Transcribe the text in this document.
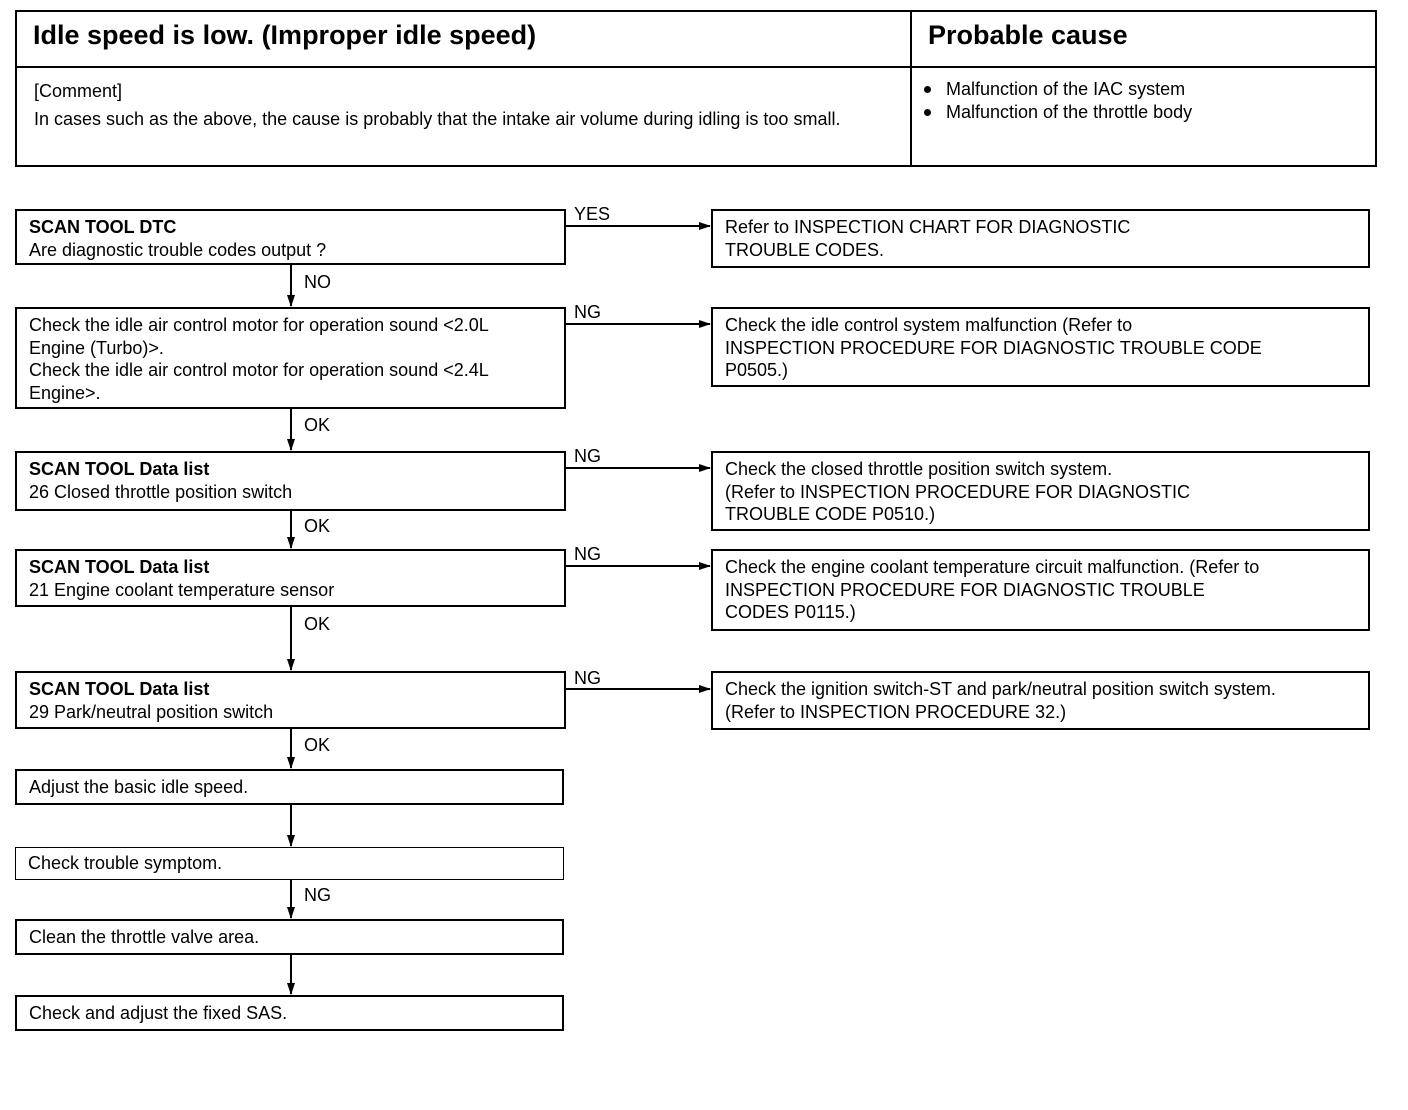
Idle speed is low. (Improper idle speed)	Probable cause
[Comment]
In cases such as the above, the cause is probably that the intake air volume during idling is too small.
Malfunction of the IAC system
Malfunction of the throttle body
SCAN TOOL DTC
Are diagnostic trouble codes output ?
Check the idle air control motor for operation sound <2.0L
Engine (Turbo)>.
Check the idle air control motor for operation sound <2.4L
Engine>.
SCAN TOOL Data list
26 Closed throttle position switch
SCAN TOOL Data list
21 Engine coolant temperature sensor
SCAN TOOL Data list
29 Park/neutral position switch
Adjust the basic idle speed.
Check trouble symptom.
Clean the throttle valve area.
Check and adjust the fixed SAS.
Refer to INSPECTION CHART FOR DIAGNOSTIC
TROUBLE CODES.
Check the idle control system malfunction (Refer to
INSPECTION PROCEDURE FOR DIAGNOSTIC TROUBLE CODE
P0505.)
Check the closed throttle position switch system.
(Refer to INSPECTION PROCEDURE FOR DIAGNOSTIC
TROUBLE CODE P0510.)
Check the engine coolant temperature circuit malfunction. (Refer to
INSPECTION PROCEDURE FOR DIAGNOSTIC TROUBLE
CODES P0115.)
Check the ignition switch-ST and park/neutral position switch system.
(Refer to INSPECTION PROCEDURE 32.)
YES
NG
NG
NG
NG
NO
OK
OK
OK
OK
NG
